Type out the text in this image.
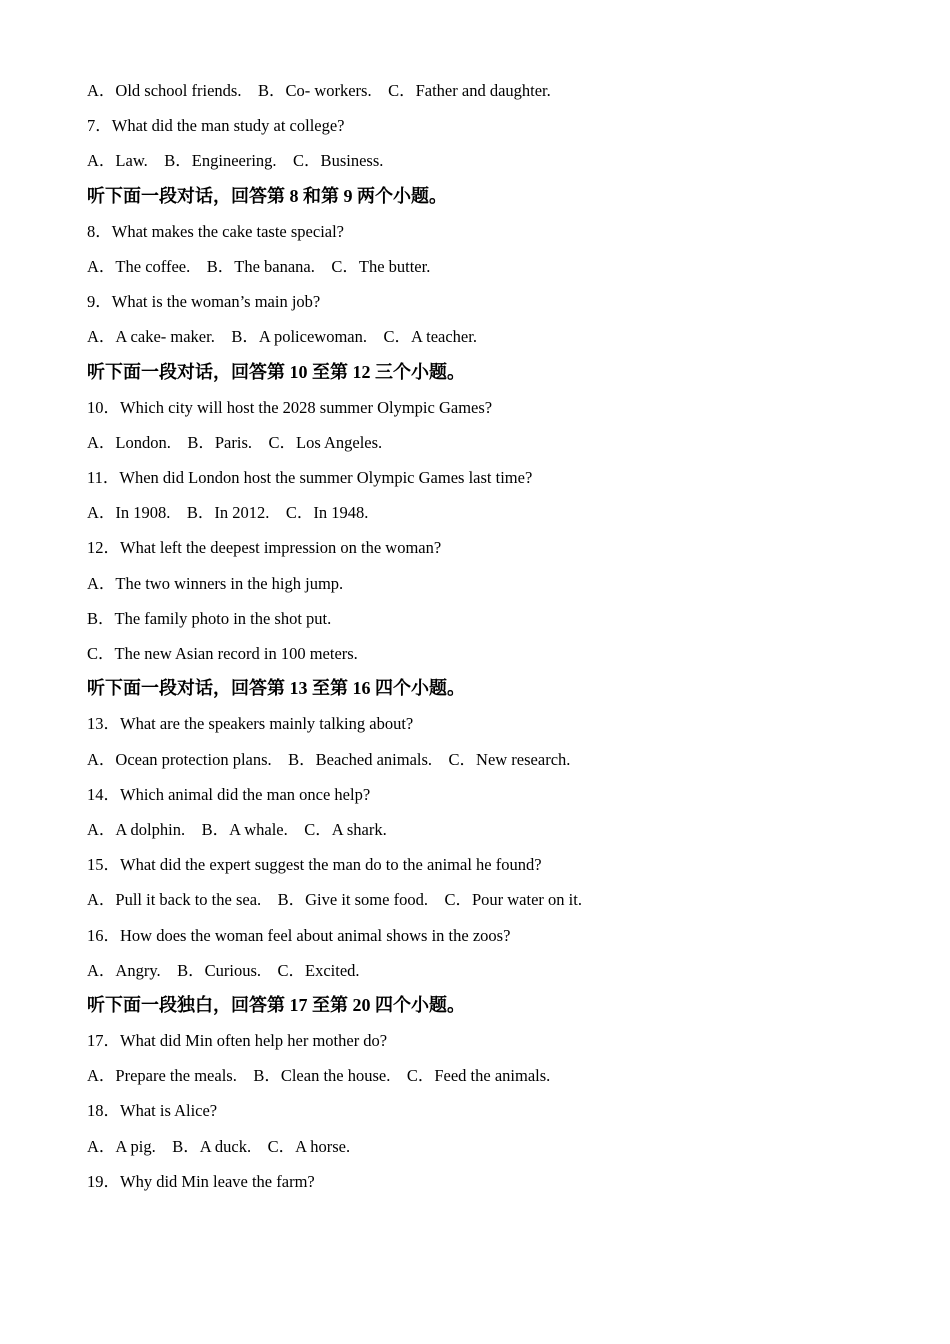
A．Old school friends.    B．Co- workers.    C．Father and daughter.
7．What did the man study at college?
A．Law.    B．Engineering.    C．Business.
听下面一段对话，回答第 8 和第 9 两个小题。
8．What makes the cake taste special?
A．The coffee.    B．The banana.    C．The butter.
9．What is the woman’s main job?
A．A cake- maker.    B．A policewoman.    C．A teacher.
听下面一段对话，回答第 10 至第 12 三个小题。
10．Which city will host the 2028 summer Olympic Games?
A．London.    B．Paris.    C．Los Angeles.
11．When did London host the summer Olympic Games last time?
A．In 1908.    B．In 2012.    C．In 1948.
12．What left the deepest impression on the woman?
A．The two winners in the high jump.
B．The family photo in the shot put.
C．The new Asian record in 100 meters.
听下面一段对话，回答第 13 至第 16 四个小题。
13．What are the speakers mainly talking about?
A．Ocean protection plans.    B．Beached animals.    C．New research.
14．Which animal did the man once help?
A．A dolphin.    B．A whale.    C．A shark.
15．What did the expert suggest the man do to the animal he found?
A．Pull it back to the sea.    B．Give it some food.    C．Pour water on it.
16．How does the woman feel about animal shows in the zoos?
A．Angry.    B．Curious.    C．Excited.
听下面一段独白，回答第 17 至第 20 四个小题。
17．What did Min often help her mother do?
A．Prepare the meals.    B．Clean the house.    C．Feed the animals.
18．What is Alice?
A．A pig.    B．A duck.    C．A horse.
19．Why did Min leave the farm?
